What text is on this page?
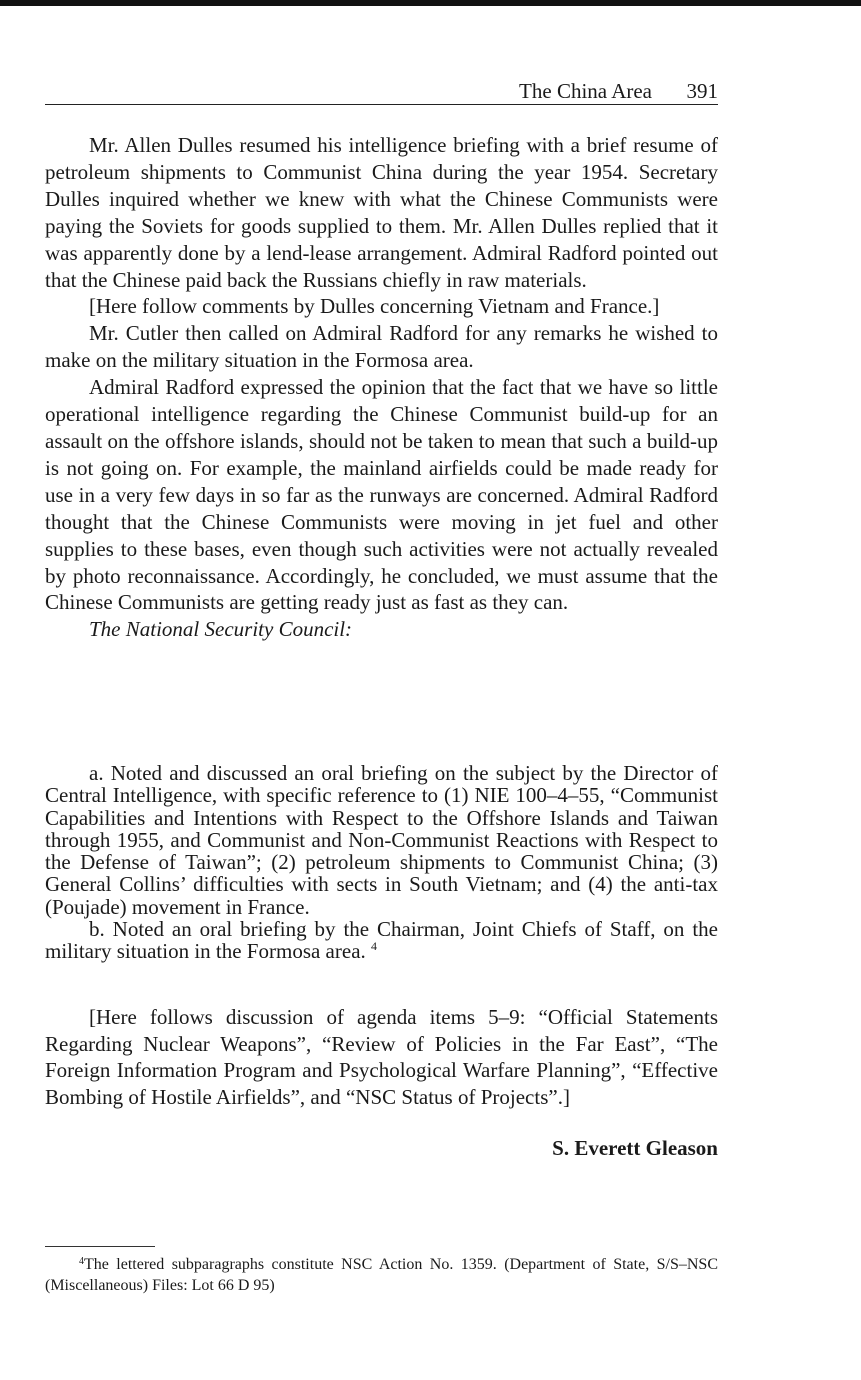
The China Area 391

Mr. Allen Dulles resumed his intelligence briefing with a brief resume of petroleum shipments to Communist China during the year 1954. Secretary Dulles inquired whether we knew with what the Chinese Communists were paying the Soviets for goods supplied to them. Mr. Allen Dulles replied that it was apparently done by a lend-lease arrangement. Admiral Radford pointed out that the Chinese paid back the Russians chiefly in raw materials.

[Here follow comments by Dulles concerning Vietnam and France.]

Mr. Cutler then called on Admiral Radford for any remarks he wished to make on the military situation in the Formosa area.

Admiral Radford expressed the opinion that the fact that we have so little operational intelligence regarding the Chinese Communist build-up for an assault on the offshore islands, should not be taken to mean that such a build-up is not going on. For example, the mainland airfields could be made ready for use in a very few days in so far as the runways are concerned. Admiral Radford thought that the Chinese Communists were moving in jet fuel and other supplies to these bases, even though such activities were not actually revealed by photo reconnaissance. Accordingly, he concluded, we must assume that the Chinese Communists are getting ready just as fast as they can.

The National Security Council:

a. Noted and discussed an oral briefing on the subject by the Director of Central Intelligence, with specific reference to (1) NIE 100–4–55, “Communist Capabilities and Intentions with Respect to the Offshore Islands and Taiwan through 1955, and Communist and Non-Communist Reactions with Respect to the Defense of Taiwan”; (2) petroleum shipments to Communist China; (3) General Collins’ difficulties with sects in South Vietnam; and (4) the anti-tax (Poujade) movement in France.

b. Noted an oral briefing by the Chairman, Joint Chiefs of Staff, on the military situation in the Formosa area. $^4$

[Here follows discussion of agenda items 5–9: “Official Statements Regarding Nuclear Weapons”, “Review of Policies in the Far East”, “The Foreign Information Program and Psychological Warfare Planning”, “Effective Bombing of Hostile Airfields”, and “NSC Status of Projects”.]

S. Everett Gleason

$^4$The lettered subparagraphs constitute NSC Action No. 1359. (Department of State, S/S–NSC (Miscellaneous) Files: Lot 66 D 95)
